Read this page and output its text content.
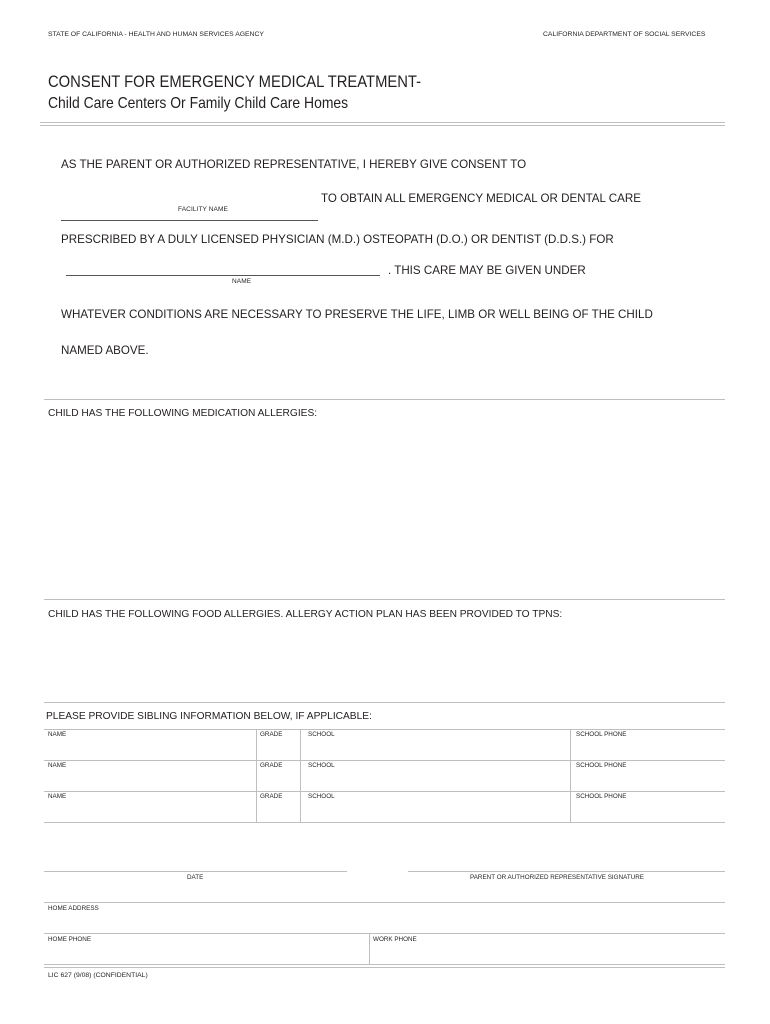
STATE OF CALIFORNIA - HEALTH AND HUMAN SERVICES AGENCY	CALIFORNIA DEPARTMENT OF SOCIAL SERVICES
CONSENT FOR EMERGENCY MEDICAL TREATMENT-
Child Care Centers Or Family Child Care Homes
AS THE PARENT OR AUTHORIZED REPRESENTATIVE, I HEREBY GIVE CONSENT TO
TO OBTAIN ALL EMERGENCY MEDICAL OR DENTAL CARE
FACILITY NAME
PRESCRIBED BY A DULY LICENSED PHYSICIAN (M.D.) OSTEOPATH (D.O.) OR DENTIST (D.D.S.) FOR
. THIS CARE MAY BE GIVEN UNDER
NAME
WHATEVER CONDITIONS ARE NECESSARY TO PRESERVE THE LIFE, LIMB OR WELL BEING OF THE CHILD
NAMED ABOVE.
CHILD HAS THE FOLLOWING MEDICATION ALLERGIES:
CHILD HAS THE FOLLOWING FOOD ALLERGIES. ALLERGY ACTION PLAN HAS BEEN PROVIDED TO TPNS:
PLEASE PROVIDE SIBLING INFORMATION BELOW, IF APPLICABLE:
NAME	GRADE	SCHOOL	SCHOOL PHONE
NAME	GRADE	SCHOOL	SCHOOL PHONE
NAME	GRADE	SCHOOL	SCHOOL PHONE
DATE	PARENT OR AUTHORIZED REPRESENTATIVE SIGNATURE
HOME ADDRESS
HOME PHONE	WORK PHONE
LIC 627 (9/08) (CONFIDENTIAL)
